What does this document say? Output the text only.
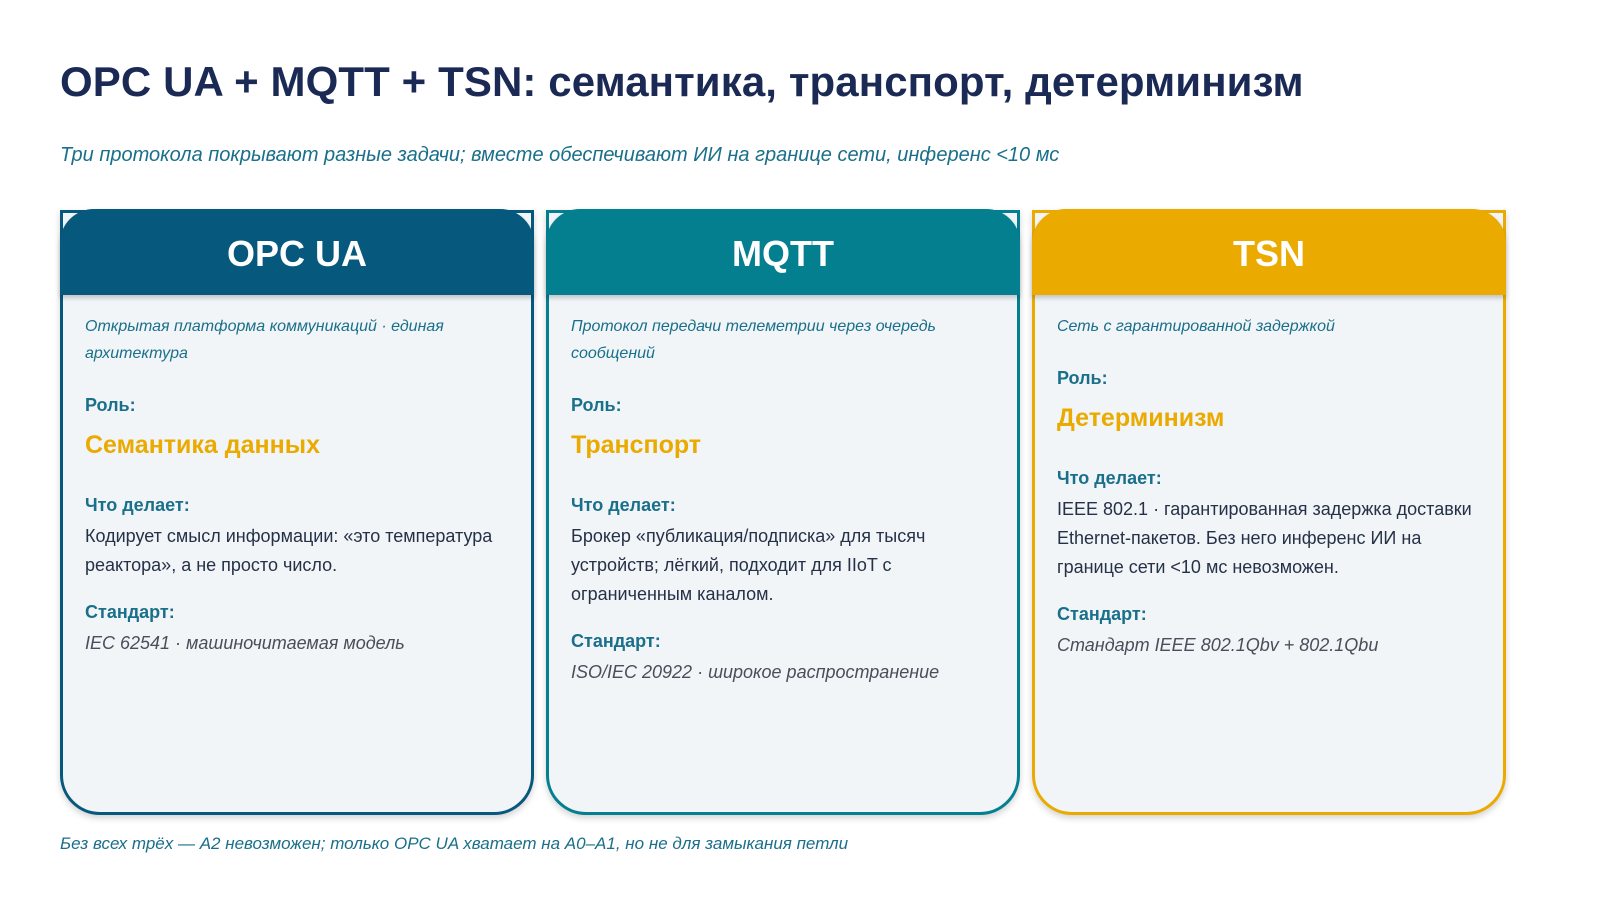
OPC UA + MQTT + TSN: семантика, транспорт, детерминизм
Три протокола покрывают разные задачи; вместе обеспечивают ИИ на границе сети, инференс <10 мс
OPC UA

Открытая платформа коммуникаций · единая архитектура

Роль:

Семантика данных

Что делает:

Кодирует смысл информации: «это температура реактора», а не просто число.

Стандарт:

IEC 62541 · машиночитаемая модель

MQTT

Протокол передачи телеметрии через очередь сообщений

Роль:

Транспорт

Что делает:

Брокер «публикация/подписка» для тысяч устройств; лёгкий, подходит для IIoT с ограниченным каналом.

Стандарт:

ISO/IEC 20922 · широкое распространение

TSN

Сеть с гарантированной задержкой

Роль:

Детерминизм

Что делает:

IEEE 802.1 · гарантированная задержка доставки Ethernet-пакетов. Без него инференс ИИ на границе сети <10 мс невозможен.

Стандарт:

Стандарт IEEE 802.1Qbv + 802.1Qbu

Без всех трёх — A2 невозможен; только OPC UA хватает на A0–A1, но не для замыкания петли
